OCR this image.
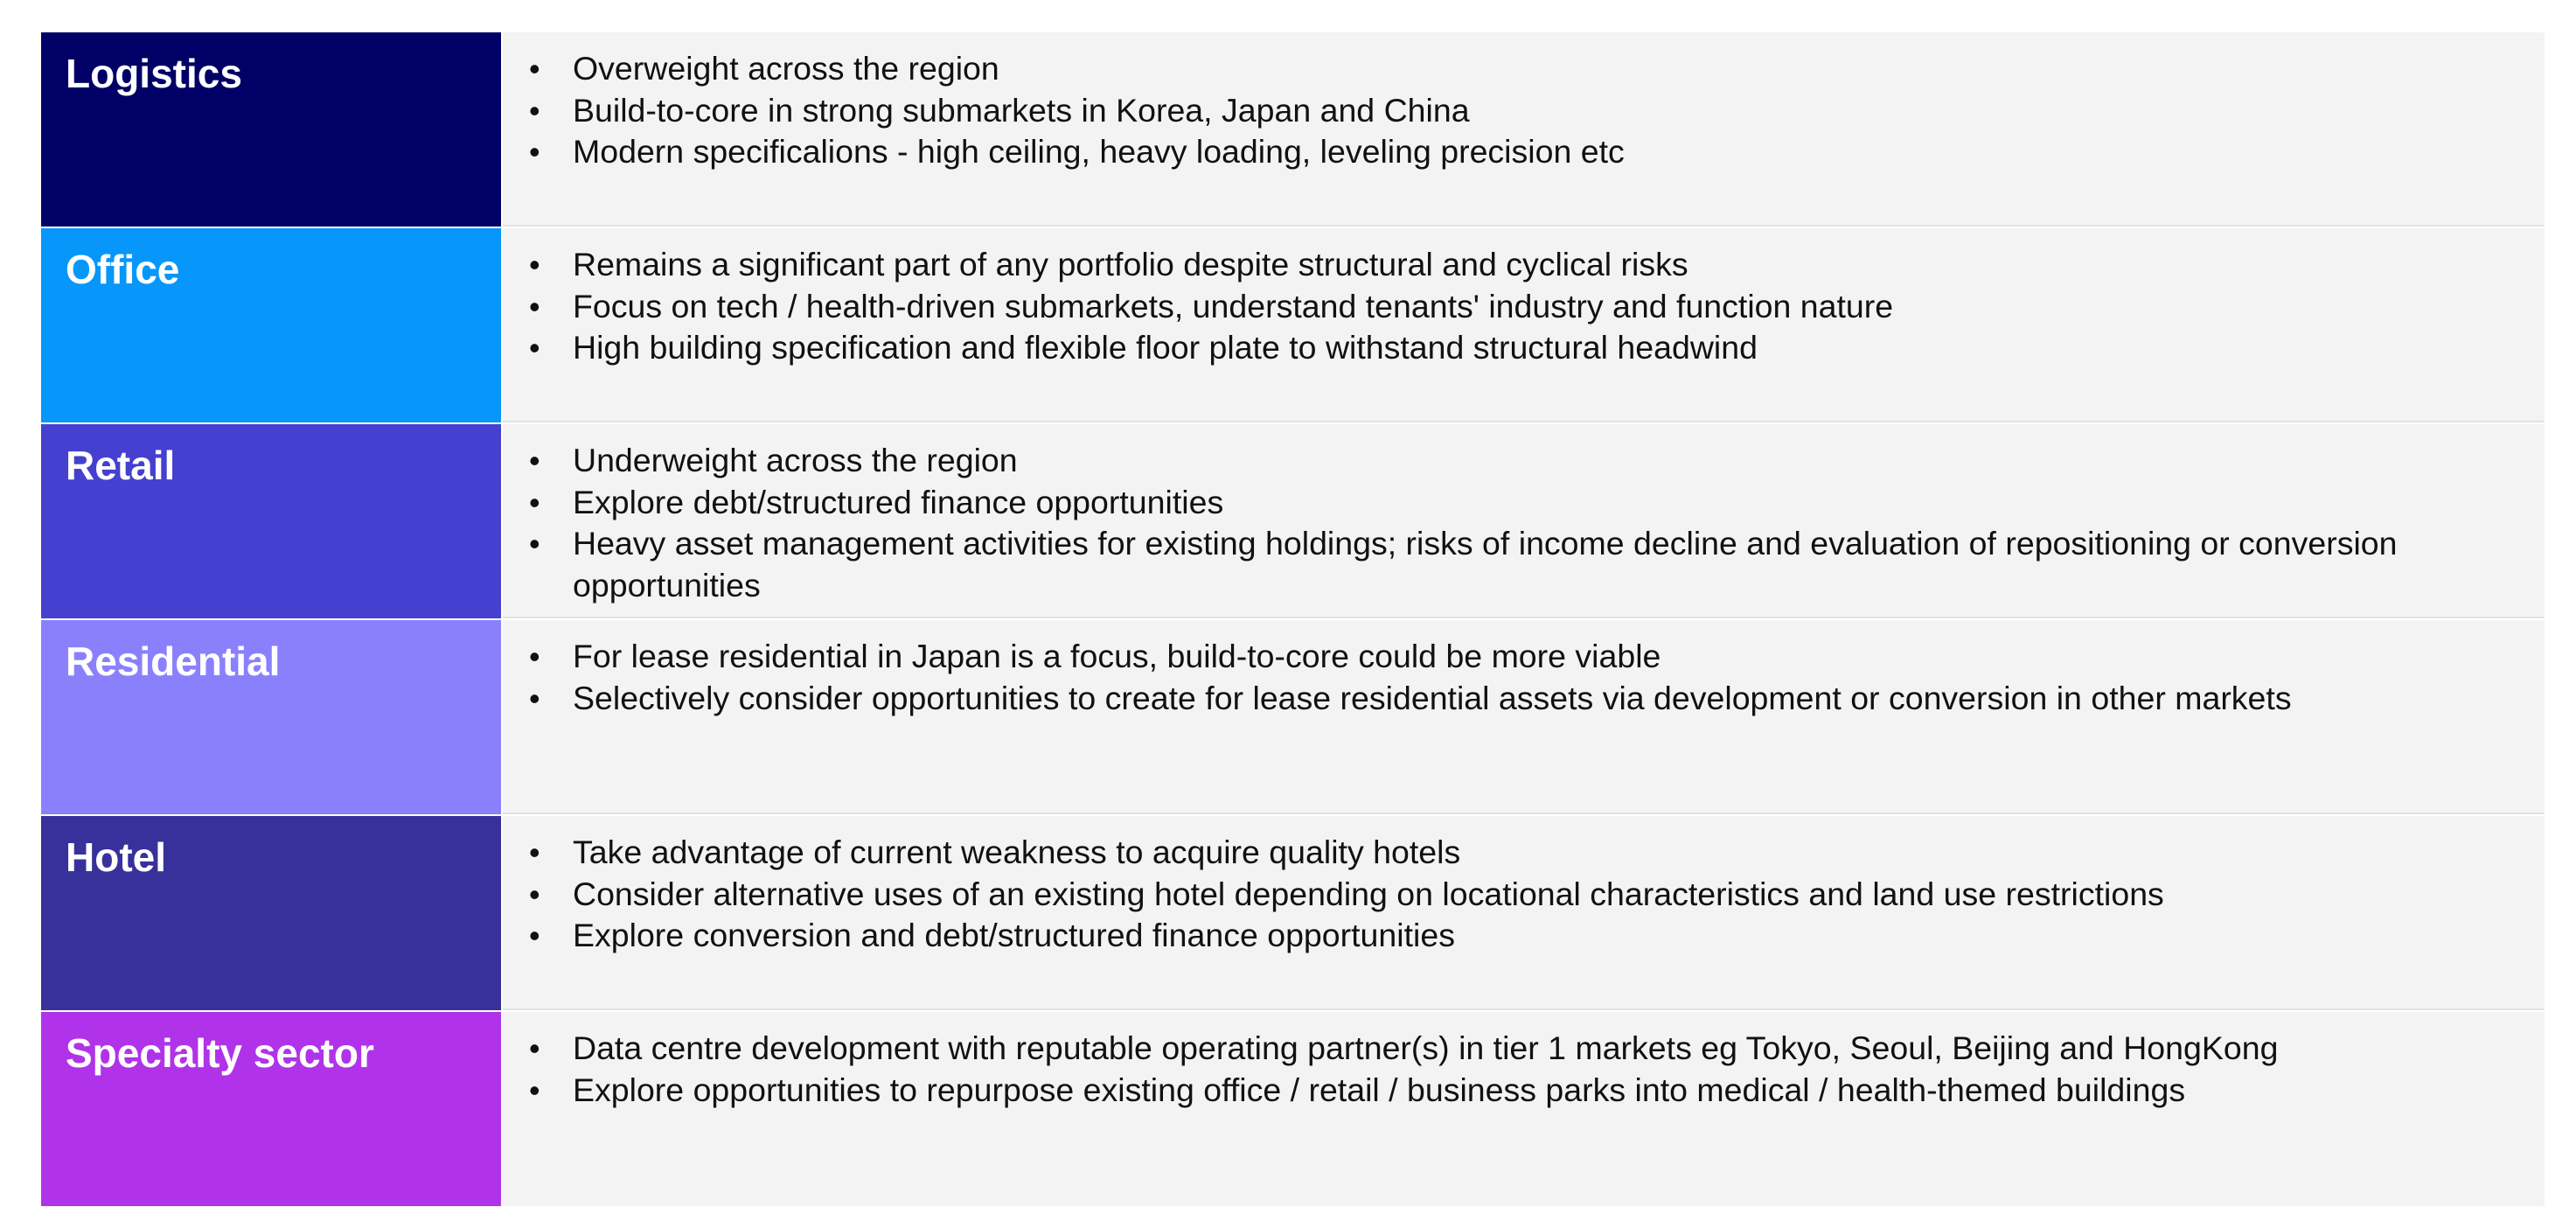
Logistics	• Overweight across the region
• Build-to-core in strong submarkets in Korea, Japan and China
• Modern specificalions - high ceiling, heavy loading, leveling precision etc
Office	• Remains a significant part of any portfolio despite structural and cyclical risks
• Focus on tech / health-driven submarkets, understand tenants' industry and function nature
• High building specification and flexible floor plate to withstand structural headwind
Retail	• Underweight across the region
• Explore debt/structured finance opportunities
• Heavy asset management activities for existing holdings; risks of income decline and evaluation of repositioning or conversion opportunities
Residential	• For lease residential in Japan is a focus, build-to-core could be more viable
• Selectively consider opportunities to create for lease residential assets via development or conversion in other markets
Hotel	• Take advantage of current weakness to acquire quality hotels
• Consider alternative uses of an existing hotel depending on locational characteristics and land use restrictions
• Explore conversion and debt/structured finance opportunities
Specialty sector	• Data centre development with reputable operating partner(s) in tier 1 markets eg Tokyo, Seoul, Beijing and HongKong
• Explore opportunities to repurpose existing office / retail / business parks into medical / health-themed buildings
